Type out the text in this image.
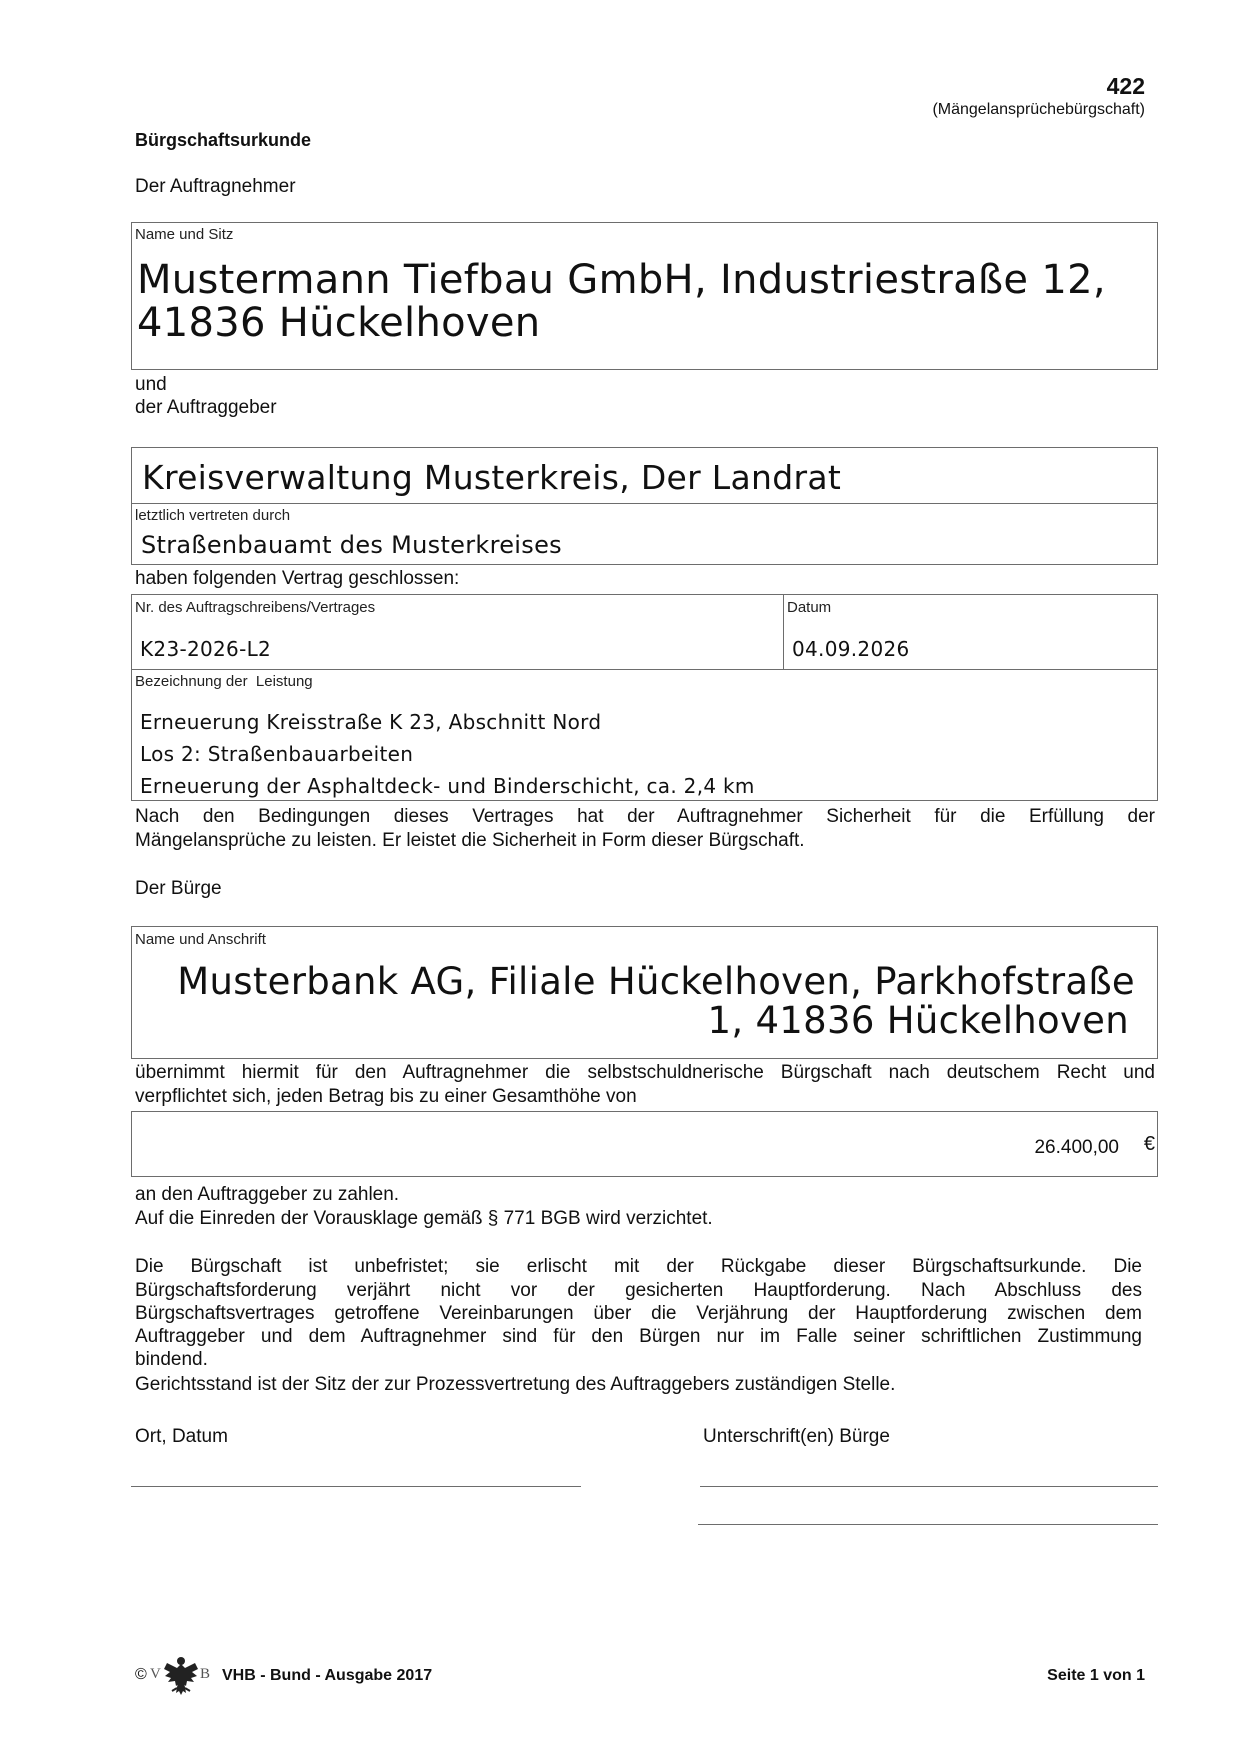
422
(Mängelansprüchebürgschaft)
Bürgschaftsurkunde
Der Auftragnehmer
Name und Sitz
Mustermann Tiefbau GmbH, Industriestraße 12,
41836 Hückelhoven
und
der Auftraggeber
Kreisverwaltung Musterkreis, Der Landrat
letztlich vertreten durch
Straßenbauamt des Musterkreises
haben folgenden Vertrag geschlossen:
Nr. des Auftragschreibens/Vertrages
K23-2026-L2
Datum
04.09.2026
Bezeichnung der  Leistung
Erneuerung Kreisstraße K 23, Abschnitt Nord
Los 2: Straßenbauarbeiten
Erneuerung der Asphaltdeck- und Binderschicht, ca. 2,4 km
Nach den Bedingungen dieses Vertrages hat der Auftragnehmer Sicherheit für die Erfüllung der
Mängelansprüche zu leisten. Er leistet die Sicherheit in Form dieser Bürgschaft.
Der Bürge
Name und Anschrift
Musterbank AG, Filiale Hückelhoven, Parkhofstraße
1, 41836 Hückelhoven
übernimmt hiermit für den Auftragnehmer die selbstschuldnerische Bürgschaft nach deutschem Recht und
verpflichtet sich, jeden Betrag bis zu einer Gesamthöhe von
26.400,00 €
an den Auftraggeber zu zahlen.
Auf die Einreden der Vorausklage gemäß § 771 BGB wird verzichtet.
Die Bürgschaft ist unbefristet; sie erlischt mit der Rückgabe dieser Bürgschaftsurkunde. Die
Bürgschaftsforderung verjährt nicht vor der gesicherten Hauptforderung. Nach Abschluss des
Bürgschaftsvertrages getroffene Vereinbarungen über die Verjährung der Hauptforderung zwischen dem
Auftraggeber und dem Auftragnehmer sind für den Bürgen nur im Falle seiner schriftlichen Zustimmung
bindend.
Gerichtsstand ist der Sitz der zur Prozessvertretung des Auftraggebers zuständigen Stelle.
Ort, Datum	Unterschrift(en) Bürge
© V	B VHB - Bund - Ausgabe 2017	Seite 1 von 1
